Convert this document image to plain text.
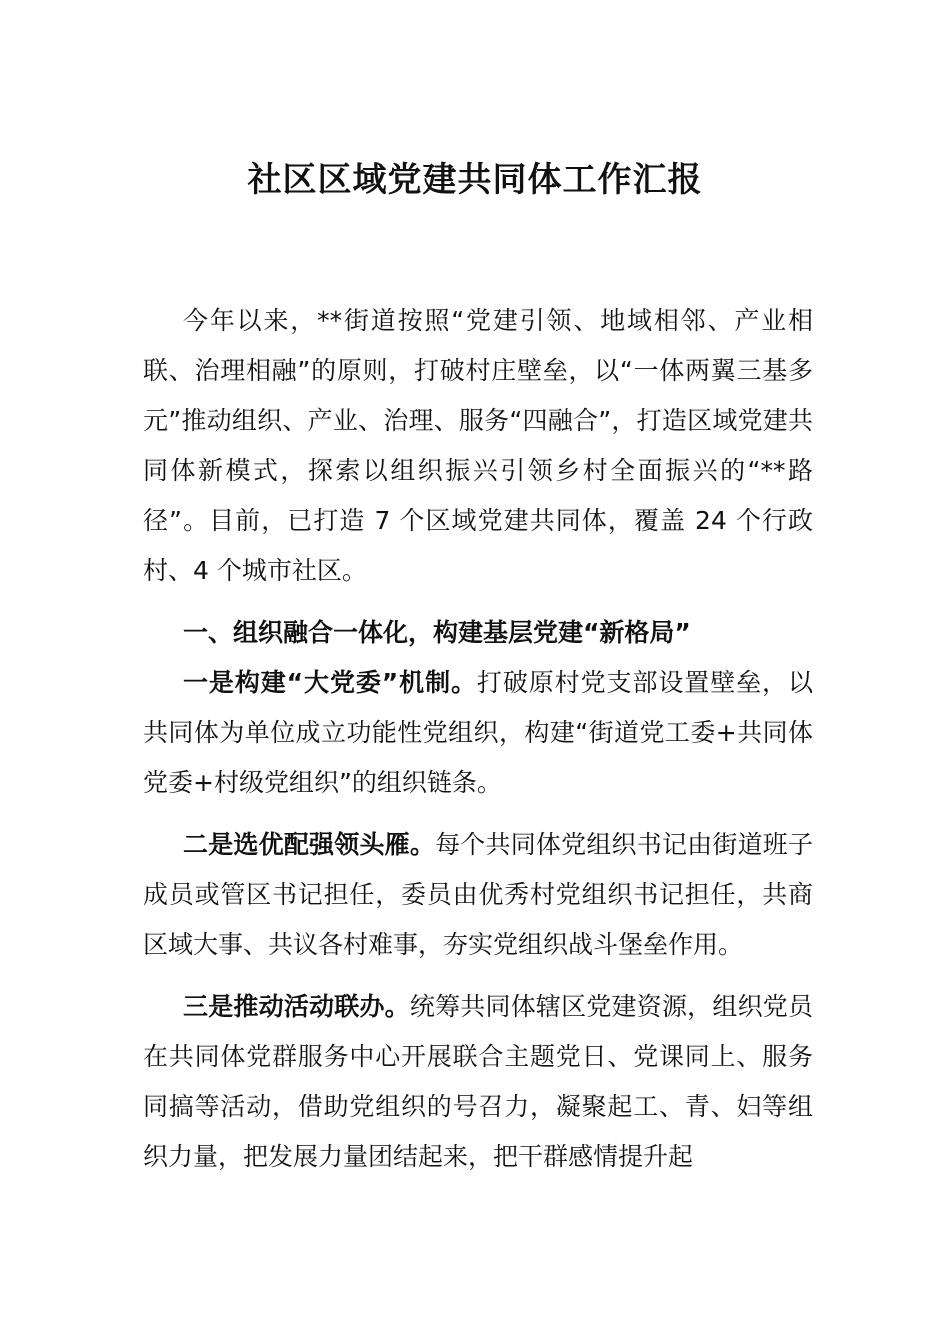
社区区域党建共同体工作汇报

今年以来，**街道按照“党建引领、地域相邻、产业相联、治理相融”的原则，打破村庄壁垒，以“一体两翼三基多元”推动组织、产业、治理、服务“四融合”，打造区域党建共同体新模式，探索以组织振兴引领乡村全面振兴的“**路径”。目前，已打造 7 个区域党建共同体，覆盖 24 个行政村、4 个城市社区。

一、组织融合一体化，构建基层党建“新格局”

一是构建“大党委”机制。打破原村党支部设置壁垒，以共同体为单位成立功能性党组织，构建“街道党工委+共同体党委+村级党组织”的组织链条。

二是选优配强领头雁。每个共同体党组织书记由街道班子成员或管区书记担任，委员由优秀村党组织书记担任，共商区域大事、共议各村难事，夯实党组织战斗堡垒作用。

三是推动活动联办。统筹共同体辖区党建资源，组织党员在共同体党群服务中心开展联合主题党日、党课同上、服务同搞等活动，借助党组织的号召力，凝聚起工、青、妇等组织力量，把发展力量团结起来，把干群感情提升起
